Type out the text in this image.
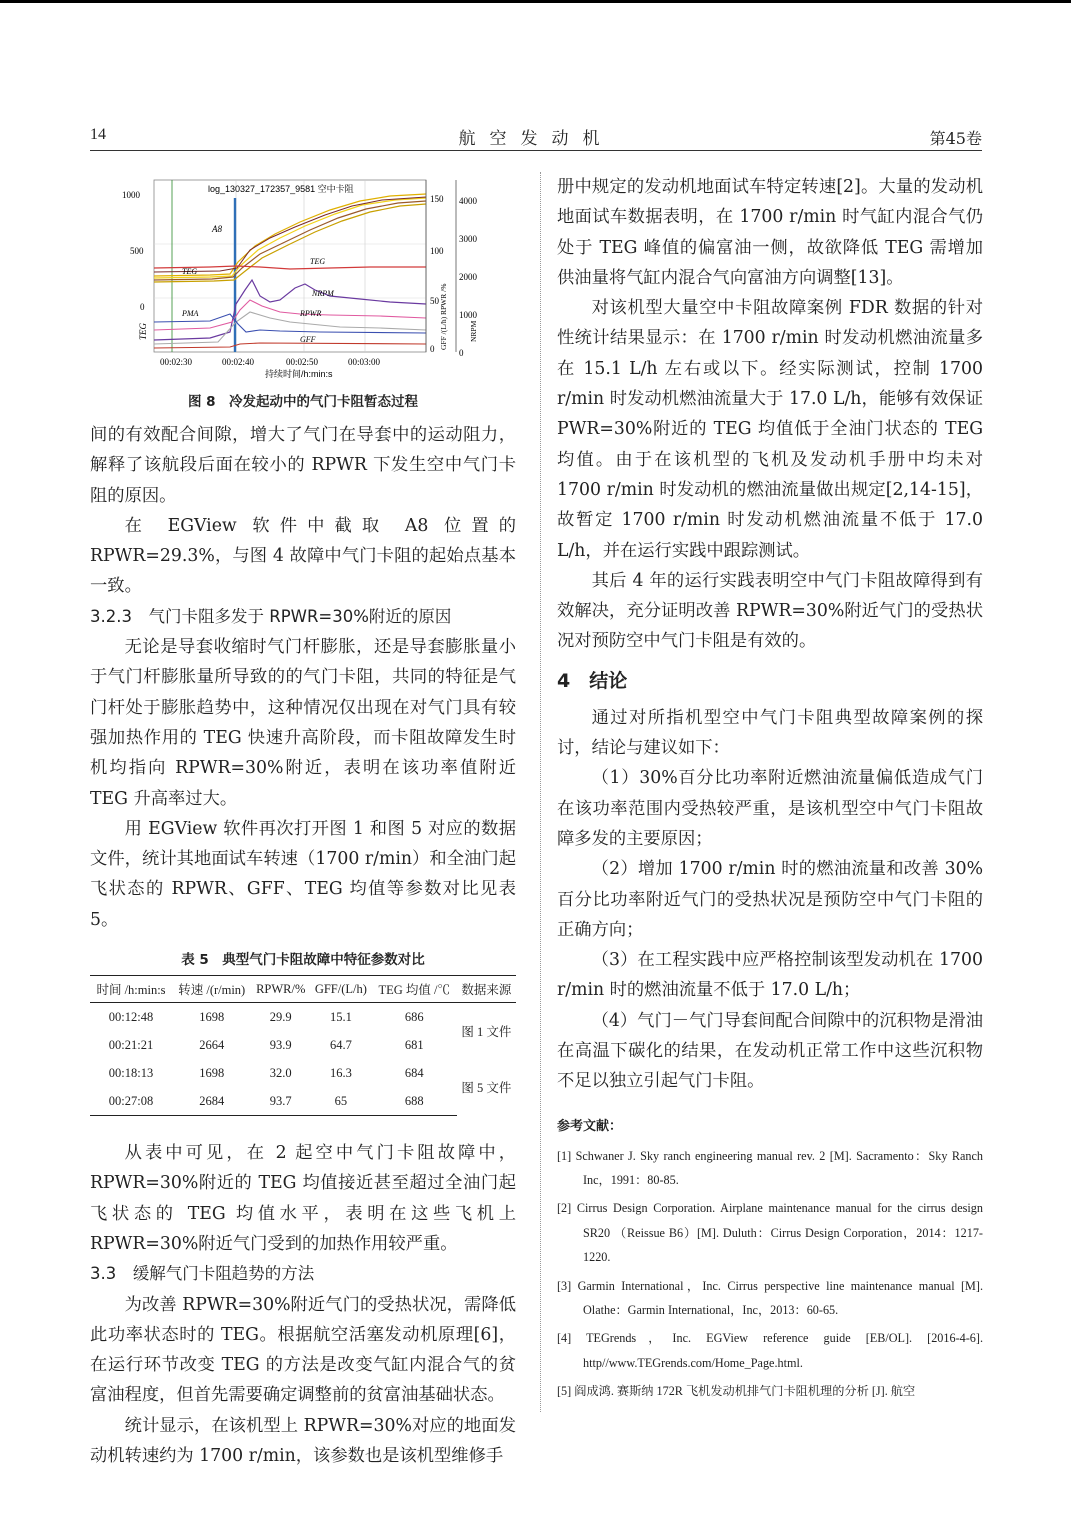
14	航空发动机	第45卷
1000
500
0
TEG
150
100
50
0
4000
3000
2000
1000
0
GFF /(L/h) RPWR /%	NRPM
log_130327_172357_9581 空中卡阻
A8
TEG
TEG
NRPM
PMA	RPWR
GFF
00:02:30	00:02:40	00:02:50	00:03:00
持续时间/h:min:s

图 8　冷发起动中的气门卡阻暂态过程

间的有效配合间隙，增大了气门在导套中的运动阻力，解释了该航段后面在较小的 RPWR 下发生空中气门卡阻的原因。

在 EGView 软件中截取 A8 位置的 RPWR=29.3%，与图 4 故障中气门卡阻的起始点基本一致。

3.2.3　气门卡阻多发于 RPWR=30%附近的原因

无论是导套收缩时气门杆膨胀，还是导套膨胀量小于气门杆膨胀量所导致的的气门卡阻，共同的特征是气门杆处于膨胀趋势中，这种情况仅出现在对气门具有较强加热作用的 TEG 快速升高阶段，而卡阻故障发生时机均指向 RPWR=30%附近，表明在该功率值附近 TEG 升高率过大。

用 EGView 软件再次打开图 1 和图 5 对应的数据文件，统计其地面试车转速（1700 r/min）和全油门起飞状态的 RPWR、GFF、TEG 均值等参数对比见表 5。

表 5　典型气门卡阻故障中特征参数对比

时间 /h:min:s	转速 /(r/min)	RPWR/%	GFF/(L/h)	TEG 均值 /℃	数据来源
00:12:48	1698	29.9	15.1	686	图 1 文件
00:21:21	2664	93.9	64.7	681	
00:18:13	1698	32.0	16.3	684	图 5 文件
00:27:08	2684	93.7	65	688	

从表中可见，在 2 起空中气门卡阻故障中，RPWR=30%附近的 TEG 均值接近甚至超过全油门起飞状态的 TEG 均值水平，表明在这些飞机上 RPWR=30%附近气门受到的加热作用较严重。

3.3　缓解气门卡阻趋势的方法

为改善 RPWR=30%附近气门的受热状况，需降低此功率状态时的 TEG。根据航空活塞发动机原理[6]，在运行环节改变 TEG 的方法是改变气缸内混合气的贫富油程度，但首先需要确定调整前的贫富油基础状态。

统计显示，在该机型上 RPWR=30%对应的地面发动机转速约为 1700 r/min，该参数也是该机型维修手

册中规定的发动机地面试车特定转速[2]。大量的发动机地面试车数据表明，在 1700 r/min 时气缸内混合气仍处于 TEG 峰值的偏富油一侧，故欲降低 TEG 需增加供油量将气缸内混合气向富油方向调整[13]。

对该机型大量空中卡阻故障案例 FDR 数据的针对性统计结果显示：在 1700 r/min 时发动机燃油流量多在 15.1 L/h 左右或以下。经实际测试，控制 1700 r/min 时发动机燃油流量大于 17.0 L/h，能够有效保证 PWR=30%附近的 TEG 均值低于全油门状态的 TEG 均值。由于在该机型的飞机及发动机手册中均未对 1700 r/min 时发动机的燃油流量做出规定[2,14-15]，故暂定 1700 r/min 时发动机燃油流量不低于 17.0 L/h，并在运行实践中跟踪测试。

其后 4 年的运行实践表明空中气门卡阻故障得到有效解决，充分证明改善 RPWR=30%附近气门的受热状况对预防空中气门卡阻是有效的。

4　结论

通过对所指机型空中气门卡阻典型故障案例的探讨，结论与建议如下：

（1）30%百分比功率附近燃油流量偏低造成气门在该功率范围内受热较严重，是该机型空中气门卡阻故障多发的主要原因；

（2）增加 1700 r/min 时的燃油流量和改善 30%百分比功率附近气门的受热状况是预防空中气门卡阻的正确方向；

（3）在工程实践中应严格控制该型发动机在 1700 r/min 时的燃油流量不低于 17.0 L/h；

（4）气门－气门导套间配合间隙中的沉积物是滑油在高温下碳化的结果，在发动机正常工作中这些沉积物不足以独立引起气门卡阻。

参考文献：

[1] Schwaner J. Sky ranch engineering manual rev. 2 [M]. Sacramento：Sky Ranch Inc，1991：80-85.

[2] Cirrus Design Corporation. Airplane maintenance manual for the cirrus design SR20 （Reissue B6）[M]. Duluth：Cirrus Design Corporation，2014：1217-1220.

[3] Garmin International，Inc. Cirrus perspective line maintenance manual [M]. Olathe：Garmin International，Inc，2013：60-65.

[4] TEGrends，Inc. EGView reference guide [EB/OL]. [2016-4-6]. http//www.TEGrends.com/Home_Page.html.

[5] 阎成鸿. 赛斯纳 172R 飞机发动机排气门卡阻机理的分析 [J]. 航空
